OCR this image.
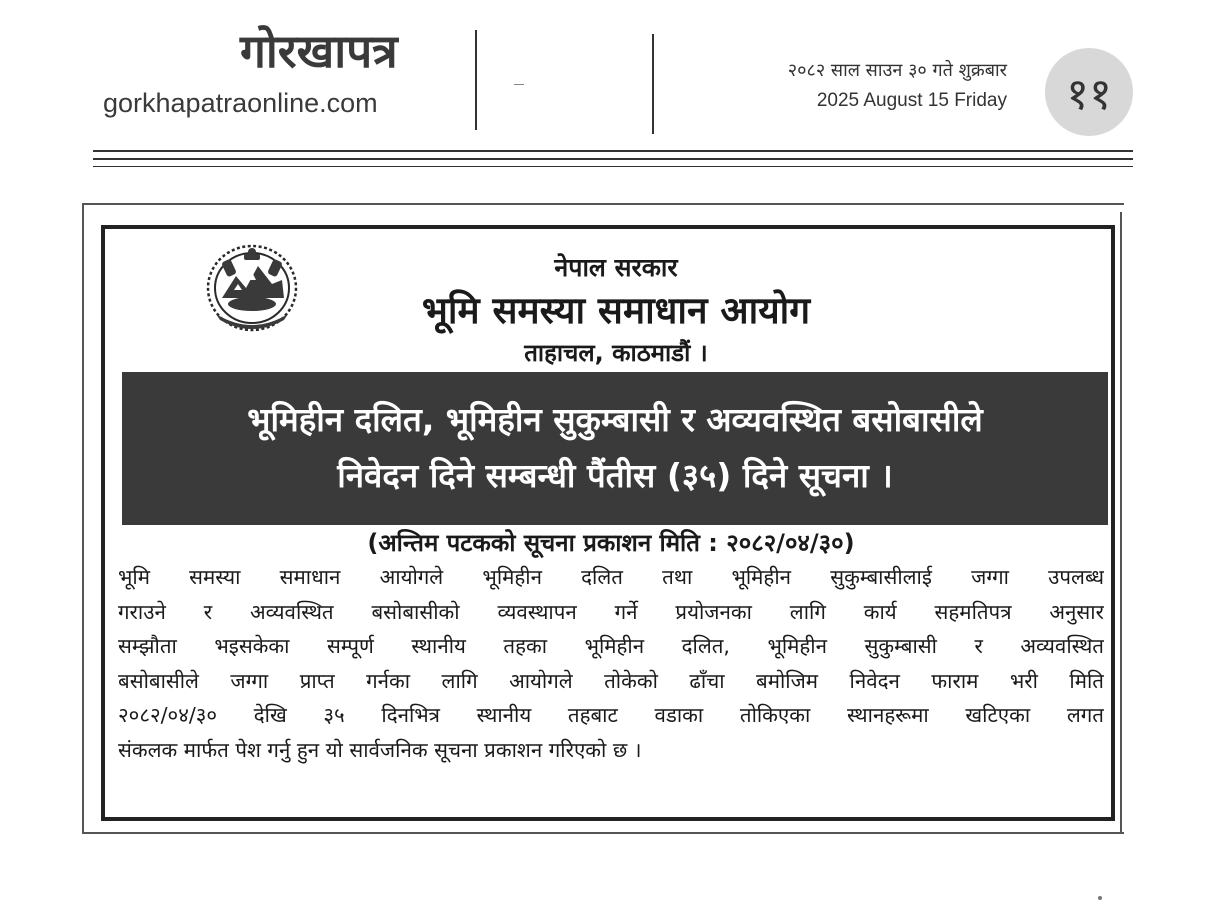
गोरखापत्र
gorkhapatraonline.com
२०८२ साल साउन ३० गते शुक्रबार
2025 August 15 Friday ११
नेपाल सरकार
भूमि समस्या समाधान आयोग
ताहाचल, काठमाडौं ।
भूमिहीन दलित, भूमिहीन सुकुम्बासी र अव्यवस्थित बसोबासीले
निवेदन दिने सम्बन्धी पैंतीस (३५) दिने सूचना ।
(अन्तिम पटकको सूचना प्रकाशन मिति : २०८२/०४/३०)
भूमि समस्या समाधान आयोगले भूमिहीन दलित तथा भूमिहीन सुकुम्बासीलाई जग्गा उपलब्ध
गराउने र अव्यवस्थित बसोबासीको व्यवस्थापन गर्ने प्रयोजनका लागि कार्य सहमतिपत्र अनुसार
सम्झौता भइसकेका सम्पूर्ण स्थानीय तहका भूमिहीन दलित, भूमिहीन सुकुम्बासी र अव्यवस्थित
बसोबासीले जग्गा प्राप्त गर्नका लागि आयोगले तोकेको ढाँचा बमोजिम निवेदन फाराम भरी मिति
२०८२/०४/३० देखि ३५ दिनभित्र स्थानीय तहबाट वडाका तोकिएका स्थानहरूमा खटिएका लगत
संकलक मार्फत पेश गर्नु हुन यो सार्वजनिक सूचना प्रकाशन गरिएको छ ।
